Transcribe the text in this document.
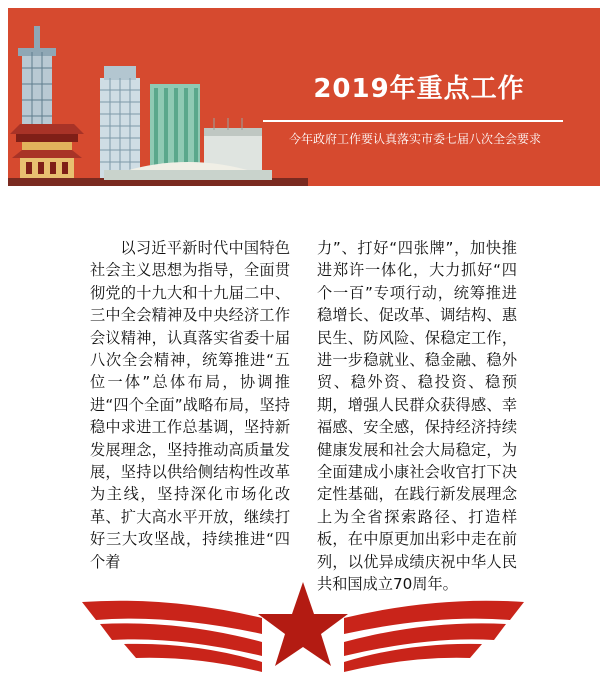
2019年重点工作
今年政府工作要认真落实市委七届八次全会要求

以习近平新时代中国特色社会主义思想为指导，全面贯彻党的十九大和十九届二中、三中全会精神及中央经济工作会议精神，认真落实省委十届八次全会精神，统筹推进“五位一体”总体布局，协调推进“四个全面”战略布局，坚持稳中求进工作总基调，坚持新发展理念，坚持推动高质量发展，坚持以供给侧结构性改革为主线，坚持深化市场化改革、扩大高水平开放，继续打好三大攻坚战，持续推进“四个着

力”、打好“四张牌”，加快推进郑许一体化，大力抓好“四个一百”专项行动，统筹推进稳增长、促改革、调结构、惠民生、防风险、保稳定工作，进一步稳就业、稳金融、稳外贸、稳外资、稳投资、稳预期，增强人民群众获得感、幸福感、安全感，保持经济持续健康发展和社会大局稳定，为全面建成小康社会收官打下决定性基础，在践行新发展理念上为全省探索路径、打造样板，在中原更加出彩中走在前列，以优异成绩庆祝中华人民共和国成立70周年。
